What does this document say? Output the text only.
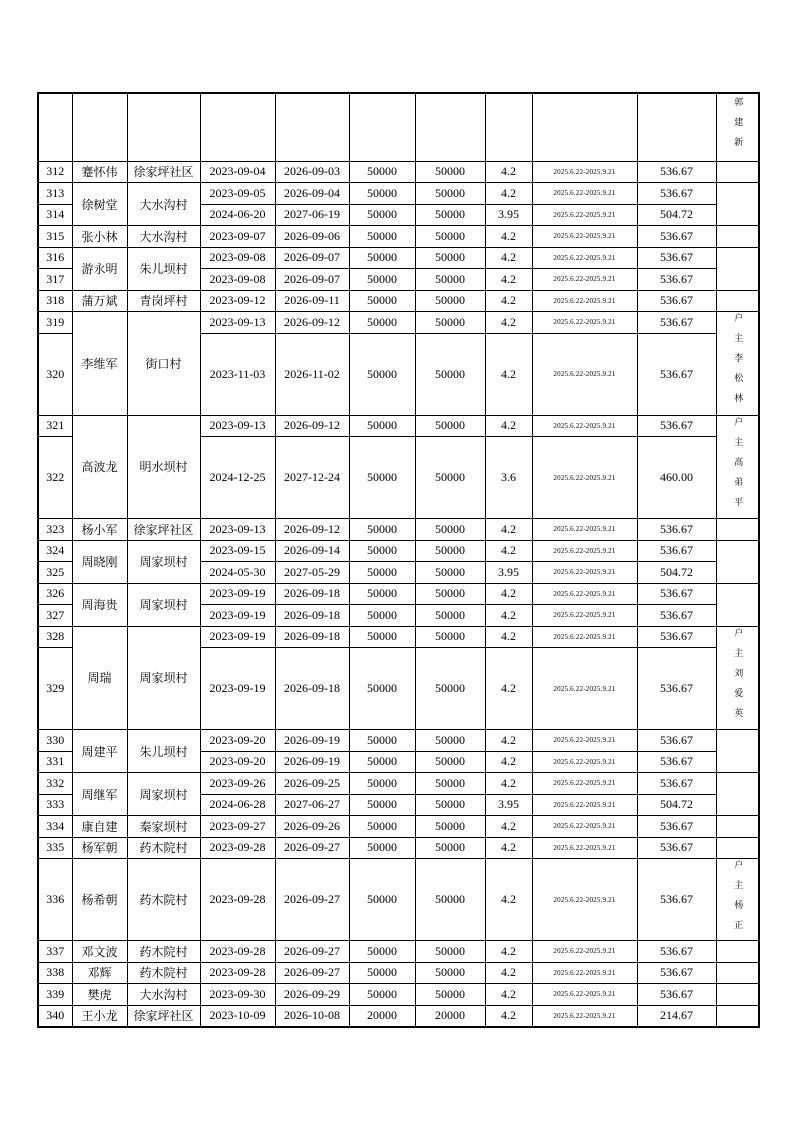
										郭建新

312	蹇怀伟	徐家坪社区	2023-09-04	2026-09-03	50000	50000	4.2	2025.6.22-2025.9.21	536.67	

313	徐树堂	大水沟村	2023-09-05	2026-09-04	50000	50000	4.2	2025.6.22-2025.9.21	536.67	

314			2024-06-20	2027-06-19	50000	50000	3.95	2025.6.22-2025.9.21	504.72	
315	张小林	大水沟村	2023-09-07	2026-09-06	50000	50000	4.2	2025.6.22-2025.9.21	536.67	

316	游永明	朱儿坝村	2023-09-08	2026-09-07	50000	50000	4.2	2025.6.22-2025.9.21	536.67	

317			2023-09-08	2026-09-07	50000	50000	4.2	2025.6.22-2025.9.21	536.67	
318	蒲万斌	青岗坪村	2023-09-12	2026-09-11	50000	50000	4.2	2025.6.22-2025.9.21	536.67	

319	李维军	街口村	2023-09-13	2026-09-12	50000	50000	4.2	2025.6.22-2025.9.21	536.67	户主李松林

320			2023-11-03	2026-11-02	50000	50000	4.2	2025.6.22-2025.9.21	536.67	
321	高波龙	明水坝村	2023-09-13	2026-09-12	50000	50000	4.2	2025.6.22-2025.9.21	536.67	户主高弟平

322			2024-12-25	2027-12-24	50000	50000	3.6	2025.6.22-2025.9.21	460.00	
323	杨小军	徐家坪社区	2023-09-13	2026-09-12	50000	50000	4.2	2025.6.22-2025.9.21	536.67	

324	周晓刚	周家坝村	2023-09-15	2026-09-14	50000	50000	4.2	2025.6.22-2025.9.21	536.67	

325			2024-05-30	2027-05-29	50000	50000	3.95	2025.6.22-2025.9.21	504.72	
326	周海贵	周家坝村	2023-09-19	2026-09-18	50000	50000	4.2	2025.6.22-2025.9.21	536.67	

327			2023-09-19	2026-09-18	50000	50000	4.2	2025.6.22-2025.9.21	536.67	
328	周瑞	周家坝村	2023-09-19	2026-09-18	50000	50000	4.2	2025.6.22-2025.9.21	536.67	户主刘爱英

329			2023-09-19	2026-09-18	50000	50000	4.2	2025.6.22-2025.9.21	536.67	
330	周建平	朱儿坝村	2023-09-20	2026-09-19	50000	50000	4.2	2025.6.22-2025.9.21	536.67	

331			2023-09-20	2026-09-19	50000	50000	4.2	2025.6.22-2025.9.21	536.67	
332	周继军	周家坝村	2023-09-26	2026-09-25	50000	50000	4.2	2025.6.22-2025.9.21	536.67	

333			2024-06-28	2027-06-27	50000	50000	3.95	2025.6.22-2025.9.21	504.72	
334	康自建	秦家坝村	2023-09-27	2026-09-26	50000	50000	4.2	2025.6.22-2025.9.21	536.67	

335	杨军朝	药木院村	2023-09-28	2026-09-27	50000	50000	4.2	2025.6.22-2025.9.21	536.67	

336	杨希朝	药木院村	2023-09-28	2026-09-27	50000	50000	4.2	2025.6.22-2025.9.21	536.67	户主杨正

337	邓文波	药木院村	2023-09-28	2026-09-27	50000	50000	4.2	2025.6.22-2025.9.21	536.67	

338	邓辉	药木院村	2023-09-28	2026-09-27	50000	50000	4.2	2025.6.22-2025.9.21	536.67	

339	樊虎	大水沟村	2023-09-30	2026-09-29	50000	50000	4.2	2025.6.22-2025.9.21	536.67	

340	王小龙	徐家坪社区	2023-10-09	2026-10-08	20000	20000	4.2	2025.6.22-2025.9.21	214.67	
